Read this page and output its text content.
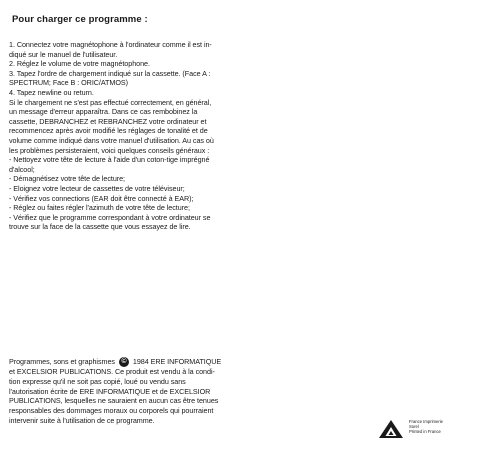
Pour charger ce programme :
1. Connectez votre magnétophone à l'ordinateur comme il est in-
diqué sur le manuel de l'utilisateur.
2. Réglez le volume de votre magnétophone.
3. Tapez l'ordre de chargement indiqué sur la cassette. (Face A :
SPECTRUM; Face B : ORIC/ATMOS)
4. Tapez newline ou return.
Si le chargement ne s'est pas effectué correctement, en général,
un message d'erreur apparaîtra. Dans ce cas rembobinez la
cassette, DEBRANCHEZ et REBRANCHEZ votre ordinateur et
recommencez après avoir modifié les réglages de tonalité et de
volume comme indiqué dans votre manuel d'utilisation. Au cas où
les problèmes persisteraient, voici quelques conseils généraux :
- Nettoyez votre tête de lecture à l'aide d'un coton-tige imprégné
d'alcool;
- Démagnétisez votre tête de lecture;
- Eloignez votre lecteur de cassettes de votre téléviseur;
- Vérifiez vos connections (EAR doit être connecté à EAR);
- Réglez ou faites régler l'azimuth de votre tête de lecture;
- Vérifiez que le programme correspondant à votre ordinateur se
trouve sur la face de la cassette que vous essayez de lire.
Programmes, sons et graphismes © 1984 ERE INFORMATIQUE
et EXCELSIOR PUBLICATIONS. Ce produit est vendu à la condi-
tion expresse qu'il ne soit pas copié, loué ou vendu sans
l'autorisation écrite de ERE INFORMATIQUE et de EXCELSIOR
PUBLICATIONS, lesquelles ne sauraient en aucun cas être tenues
responsables des dommages moraux ou corporels qui pourraient
intervenir suite à l'utilisation de ce programme.	France Imprimerie
Sorel
Printed in France
